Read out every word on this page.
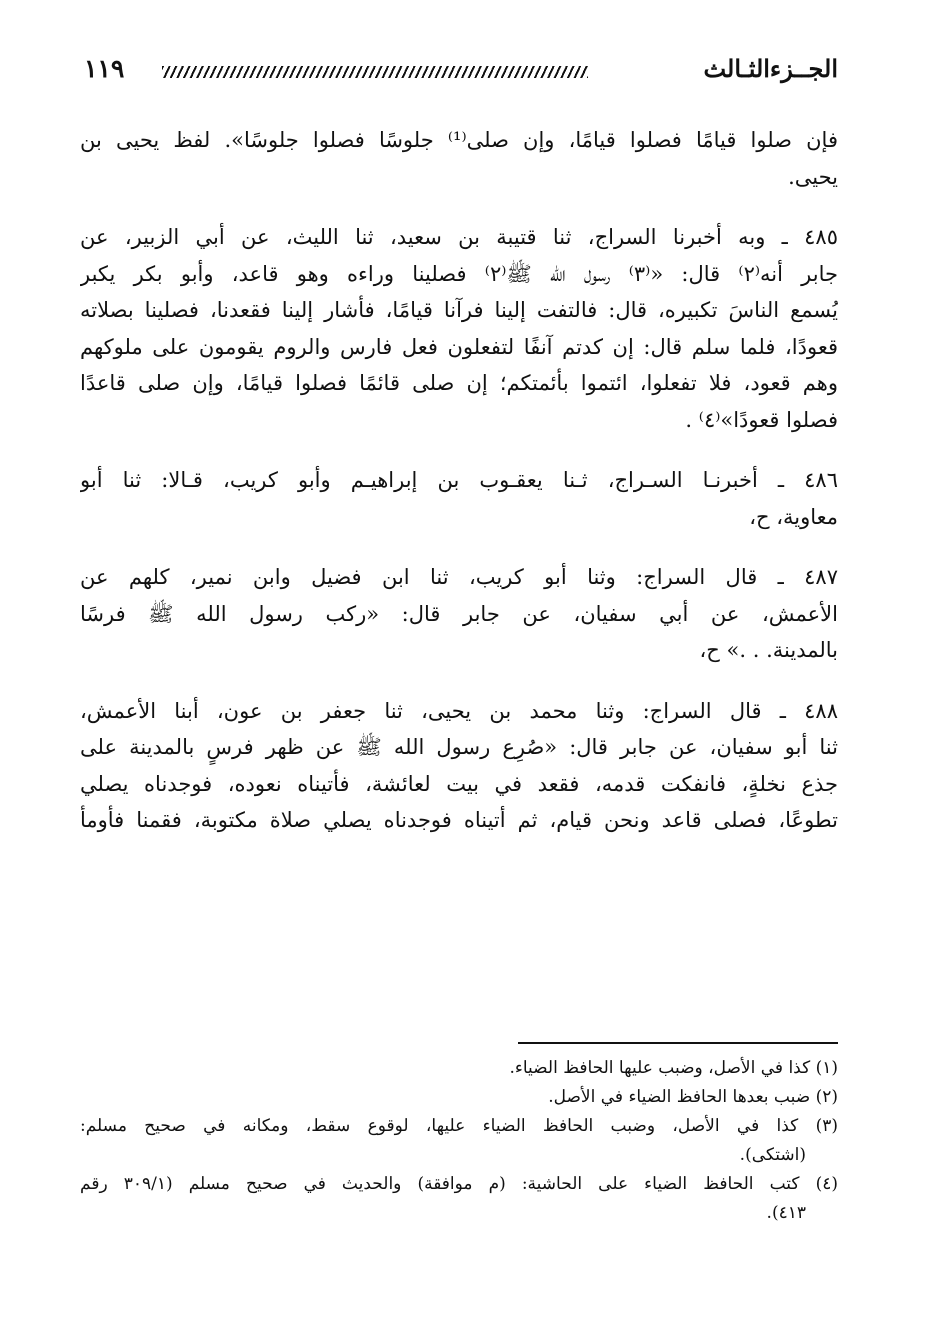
الجــزءالثـالث
١١٩

فإن صلوا قيامًا فصلوا قيامًا، وإن صلى⁽¹⁾ جلوسًا فصلوا جلوسًا». لفظ يحيى بن

يحيى.

٤٨٥ ـ وبه أخبرنا السراج، ثنا قتيبة بن سعيد، ثنا الليث، عن أبي الزبير، عن

جابر أنه⁽٢⁾ قال: «⁽٣⁾ رسول الله ﷺ⁽٢⁾ فصلينا وراءه وهو قاعد، وأبو بكر يكبر

يُسمع الناسَ تكبيره، قال: فالتفت إلينا فرآنا قيامًا، فأشار إلينا فقعدنا، فصلينا بصلاته

قعودًا، فلما سلم قال: إن كدتم آنفًا لتفعلون فعل فارس والروم يقومون على ملوكهم

وهم قعود، فلا تفعلوا، ائتموا بأئمتكم؛ إن صلى قائمًا فصلوا قيامًا، وإن صلى قاعدًا

فصلوا قعودًا»⁽٤⁾ .

٤٨٦ ـ أخبرنـا السـراج، ثـنا يعقـوب بن إبراهيـم وأبو كريب، قـالا: ثنا أبو

معاوية، ح،

٤٨٧ ـ قال السراج: وثنا أبو كريب، ثنا ابن فضيل وابن نمير، كلهم عن

الأعمش، عن أبي سفيان، عن جابر قال: «ركب رسول الله ﷺ فرسًا

بالمدينة. . .» ح،

٤٨٨ ـ قال السراج: وثنا محمد بن يحيى، ثنا جعفر بن عون، أبنا الأعمش،

ثنا أبو سفيان، عن جابر قال: «صُرِع رسول الله ﷺ عن ظهر فرسٍ بالمدينة على

جذع نخلةٍ، فانفكت قدمه، فقعد في بيت لعائشة، فأتيناه نعوده، فوجدناه يصلي

تطوعًا، فصلى قاعد ونحن قيام، ثم أتيناه فوجدناه يصلي صلاة مكتوبة، فقمنا فأومأ

(١) كذا في الأصل، وضبب عليها الحافظ الضياء.

(٢) ضبب بعدها الحافظ الضياء في الأصل.

(٣) كذا في الأصل، وضبب الحافظ الضياء عليها، لوقوع سقط، ومكانه في صحيح مسلم:

(اشتكى).

(٤) كتب الحافظ الضياء على الحاشية: (م موافقة) والحديث في صحيح مسلم (٣٠٩/١ رقم

٤١٣).
